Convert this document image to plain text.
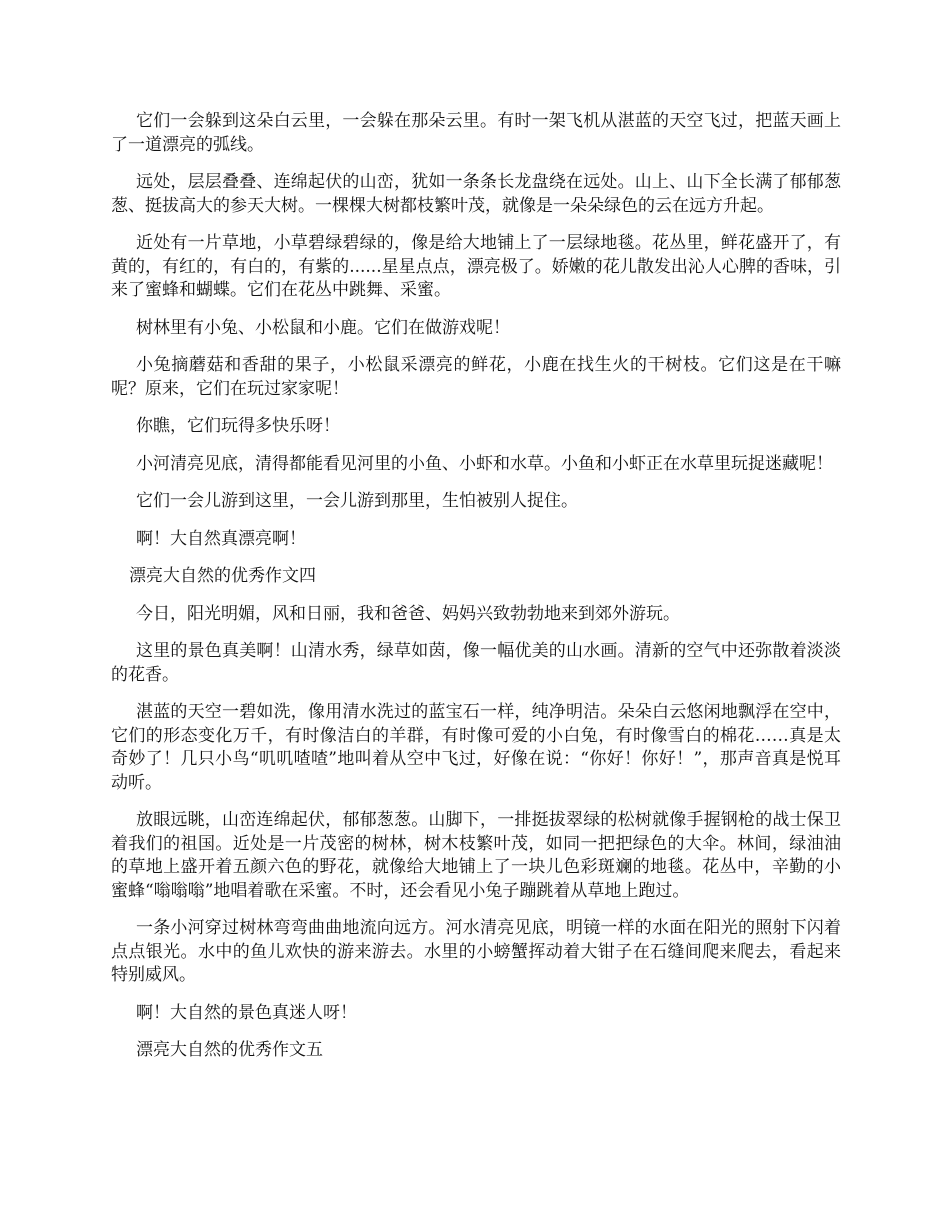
它们一会躲到这朵白云里，一会躲在那朵云里。有时一架飞机从湛蓝的天空飞过，把蓝天画上了一道漂亮的弧线。

远处，层层叠叠、连绵起伏的山峦，犹如一条条长龙盘绕在远处。山上、山下全长满了郁郁葱葱、挺拔高大的参天大树。一棵棵大树都枝繁叶茂，就像是一朵朵绿色的云在远方升起。

近处有一片草地，小草碧绿碧绿的，像是给大地铺上了一层绿地毯。花丛里，鲜花盛开了，有黄的，有红的，有白的，有紫的......星星点点，漂亮极了。娇嫩的花儿散发出沁人心脾的香味，引来了蜜蜂和蝴蝶。它们在花丛中跳舞、采蜜。

树林里有小兔、小松鼠和小鹿。它们在做游戏呢！

小兔摘蘑菇和香甜的果子，小松鼠采漂亮的鲜花，小鹿在找生火的干树枝。它们这是在干嘛呢？原来，它们在玩过家家呢！

你瞧，它们玩得多快乐呀！

小河清亮见底，清得都能看见河里的小鱼、小虾和水草。小鱼和小虾正在水草里玩捉迷藏呢！

它们一会儿游到这里，一会儿游到那里，生怕被别人捉住。

啊！大自然真漂亮啊！

漂亮大自然的优秀作文四

今日，阳光明媚，风和日丽，我和爸爸、妈妈兴致勃勃地来到郊外游玩。

这里的景色真美啊！山清水秀，绿草如茵，像一幅优美的山水画。清新的空气中还弥散着淡淡的花香。

湛蓝的天空一碧如洗，像用清水洗过的蓝宝石一样，纯净明洁。朵朵白云悠闲地飘浮在空中，它们的形态变化万千，有时像洁白的羊群，有时像可爱的小白兔，有时像雪白的棉花……真是太奇妙了！几只小鸟“叽叽喳喳”地叫着从空中飞过，好像在说：“你好！你好！”，那声音真是悦耳动听。

放眼远眺，山峦连绵起伏，郁郁葱葱。山脚下，一排挺拔翠绿的松树就像手握钢枪的战士保卫着我们的祖国。近处是一片茂密的树林，树木枝繁叶茂，如同一把把绿色的大伞。林间，绿油油的草地上盛开着五颜六色的野花，就像给大地铺上了一块儿色彩斑斓的地毯。花丛中，辛勤的小蜜蜂“嗡嗡嗡”地唱着歌在采蜜。不时，还会看见小兔子蹦跳着从草地上跑过。

一条小河穿过树林弯弯曲曲地流向远方。河水清亮见底，明镜一样的水面在阳光的照射下闪着点点银光。水中的鱼儿欢快的游来游去。水里的小螃蟹挥动着大钳子在石缝间爬来爬去，看起来特别威风。

啊！大自然的景色真迷人呀！

漂亮大自然的优秀作文五
